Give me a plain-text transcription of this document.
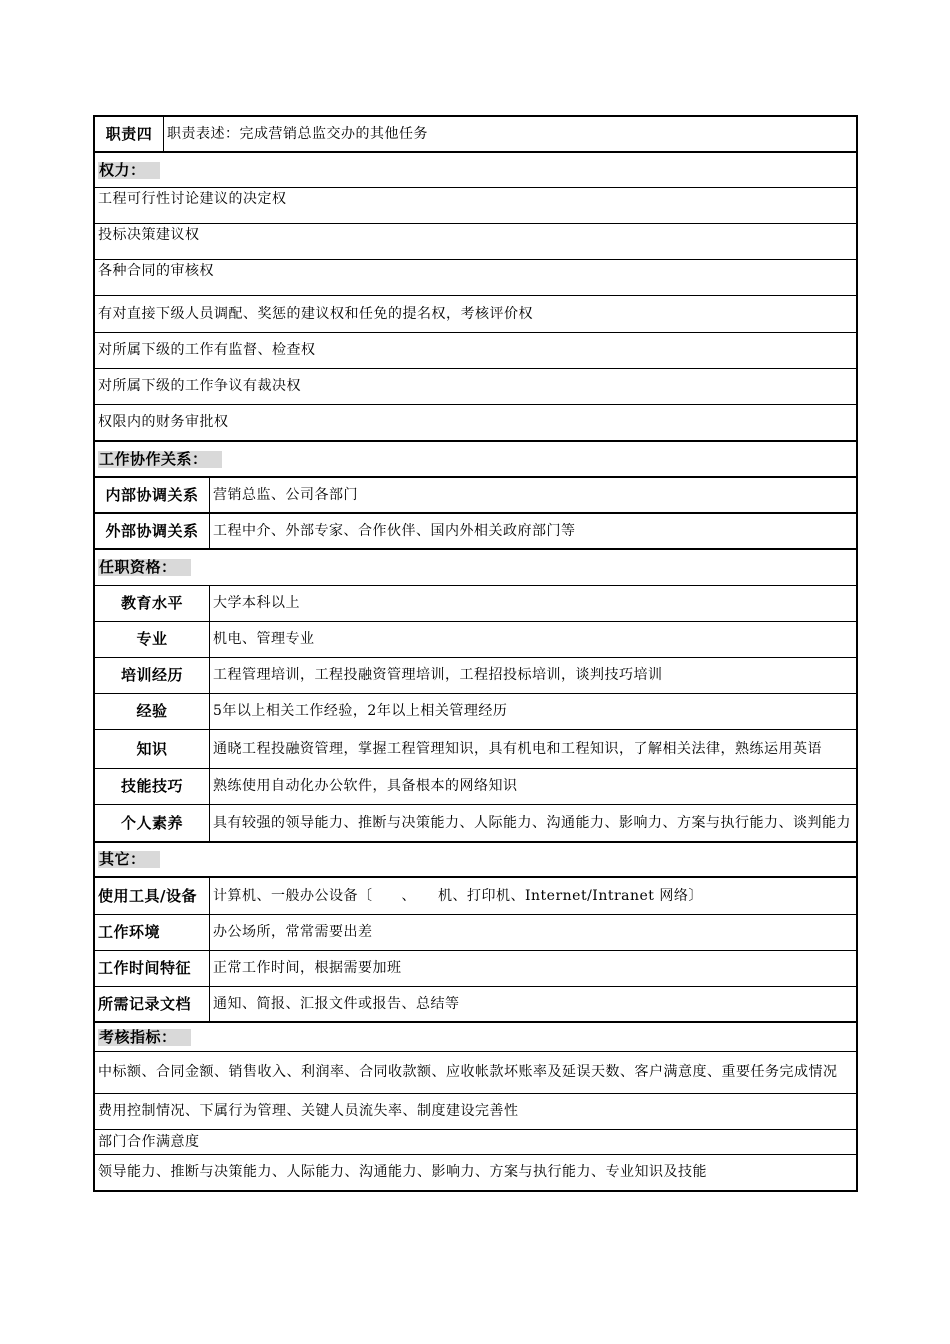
职责四	职责表述：完成营销总监交办的其他任务
权力：
工程可行性讨论建议的决定权
投标决策建议权
各种合同的审核权
有对直接下级人员调配、奖惩的建议权和任免的提名权，考核评价权
对所属下级的工作有监督、检查权
对所属下级的工作争议有裁决权
权限内的财务审批权
工作协作关系：
内部协调关系	营销总监、公司各部门
外部协调关系	工程中介、外部专家、合作伙伴、国内外相关政府部门等
任职资格：
教育水平	大学本科以上
专业	机电、管理专业
培训经历	工程管理培训，工程投融资管理培训，工程招投标培训，谈判技巧培训
经验	5年以上相关工作经验，2年以上相关管理经历
知识	通晓工程投融资管理，掌握工程管理知识，具有机电和工程知识，了解相关法律，熟练运用英语
技能技巧	熟练使用自动化办公软件，具备根本的网络知识
个人素养	具有较强的领导能力、推断与决策能力、人际能力、沟通能力、影响力、方案与执行能力、谈判能力
其它：
使用工具/设备	计算机、一般办公设备〔　　、　　机、打印机、Internet/Intranet 网络〕
工作环境	办公场所，常常需要出差
工作时间特征	正常工作时间，根据需要加班
所需记录文档	通知、简报、汇报文件或报告、总结等
考核指标：
中标额、合同金额、销售收入、利润率、合同收款额、应收帐款坏账率及延误天数、客户满意度、重要任务完成情况
费用控制情况、下属行为管理、关键人员流失率、制度建设完善性
部门合作满意度
领导能力、推断与决策能力、人际能力、沟通能力、影响力、方案与执行能力、专业知识及技能
